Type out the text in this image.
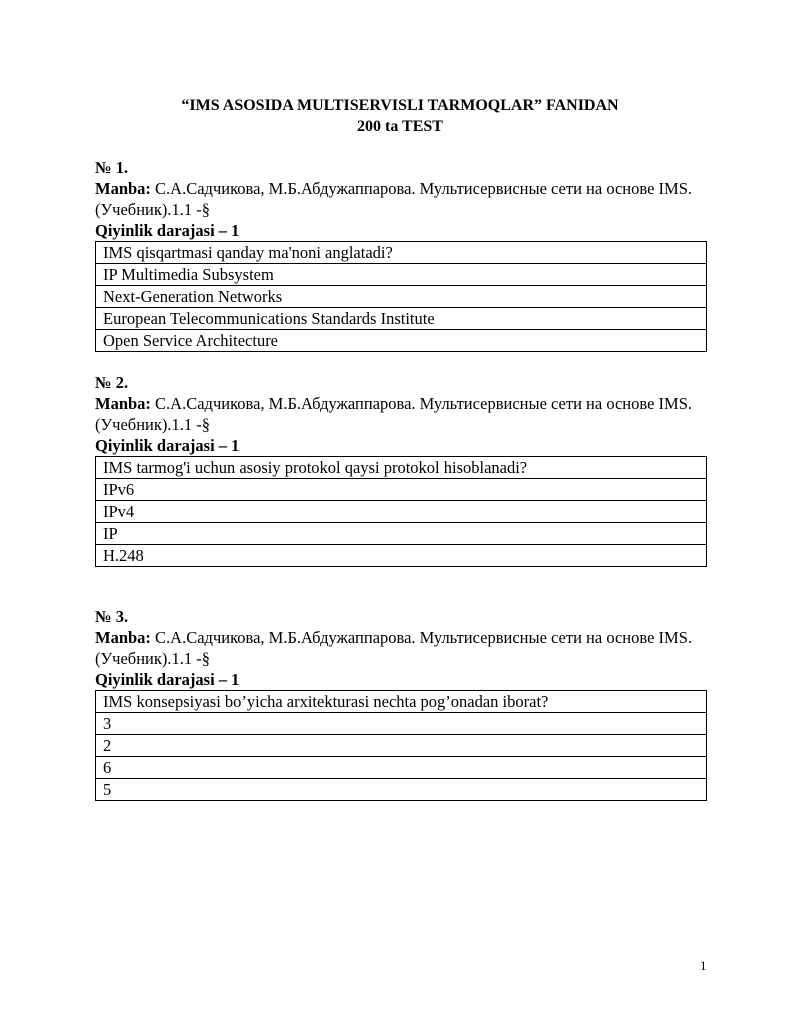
“IMS ASOSIDA MULTISERVISLI TARMOQLAR” FANIDAN
200 ta TEST
№ 1.
Manba: С.А.Садчикова, М.Б.Абдужаппарова. Мультисервисные сети на основе IMS. (Учебник).1.1 -§
Qiyinlik darajasi – 1
IMS qisqartmasi qanday ma'noni anglatadi?
IP Multimedia Subsystem
Next-Generation Networks
European Telecommunications Standards Institute
Open Service Architecture
№ 2.
Manba: С.А.Садчикова, М.Б.Абдужаппарова. Мультисервисные сети на основе IMS. (Учебник).1.1 -§
Qiyinlik darajasi – 1
IMS tarmog'i uchun asosiy protokol qaysi protokol hisoblanadi?
IPv6
IPv4
IP
H.248
№ 3.
Manba: С.А.Садчикова, М.Б.Абдужаппарова. Мультисервисные сети на основе IMS. (Учебник).1.1 -§
Qiyinlik darajasi – 1
IMS konsepsiyasi bo’yicha arxitekturasi nechta pog’onadan iborat?
3
2
6
5
1
